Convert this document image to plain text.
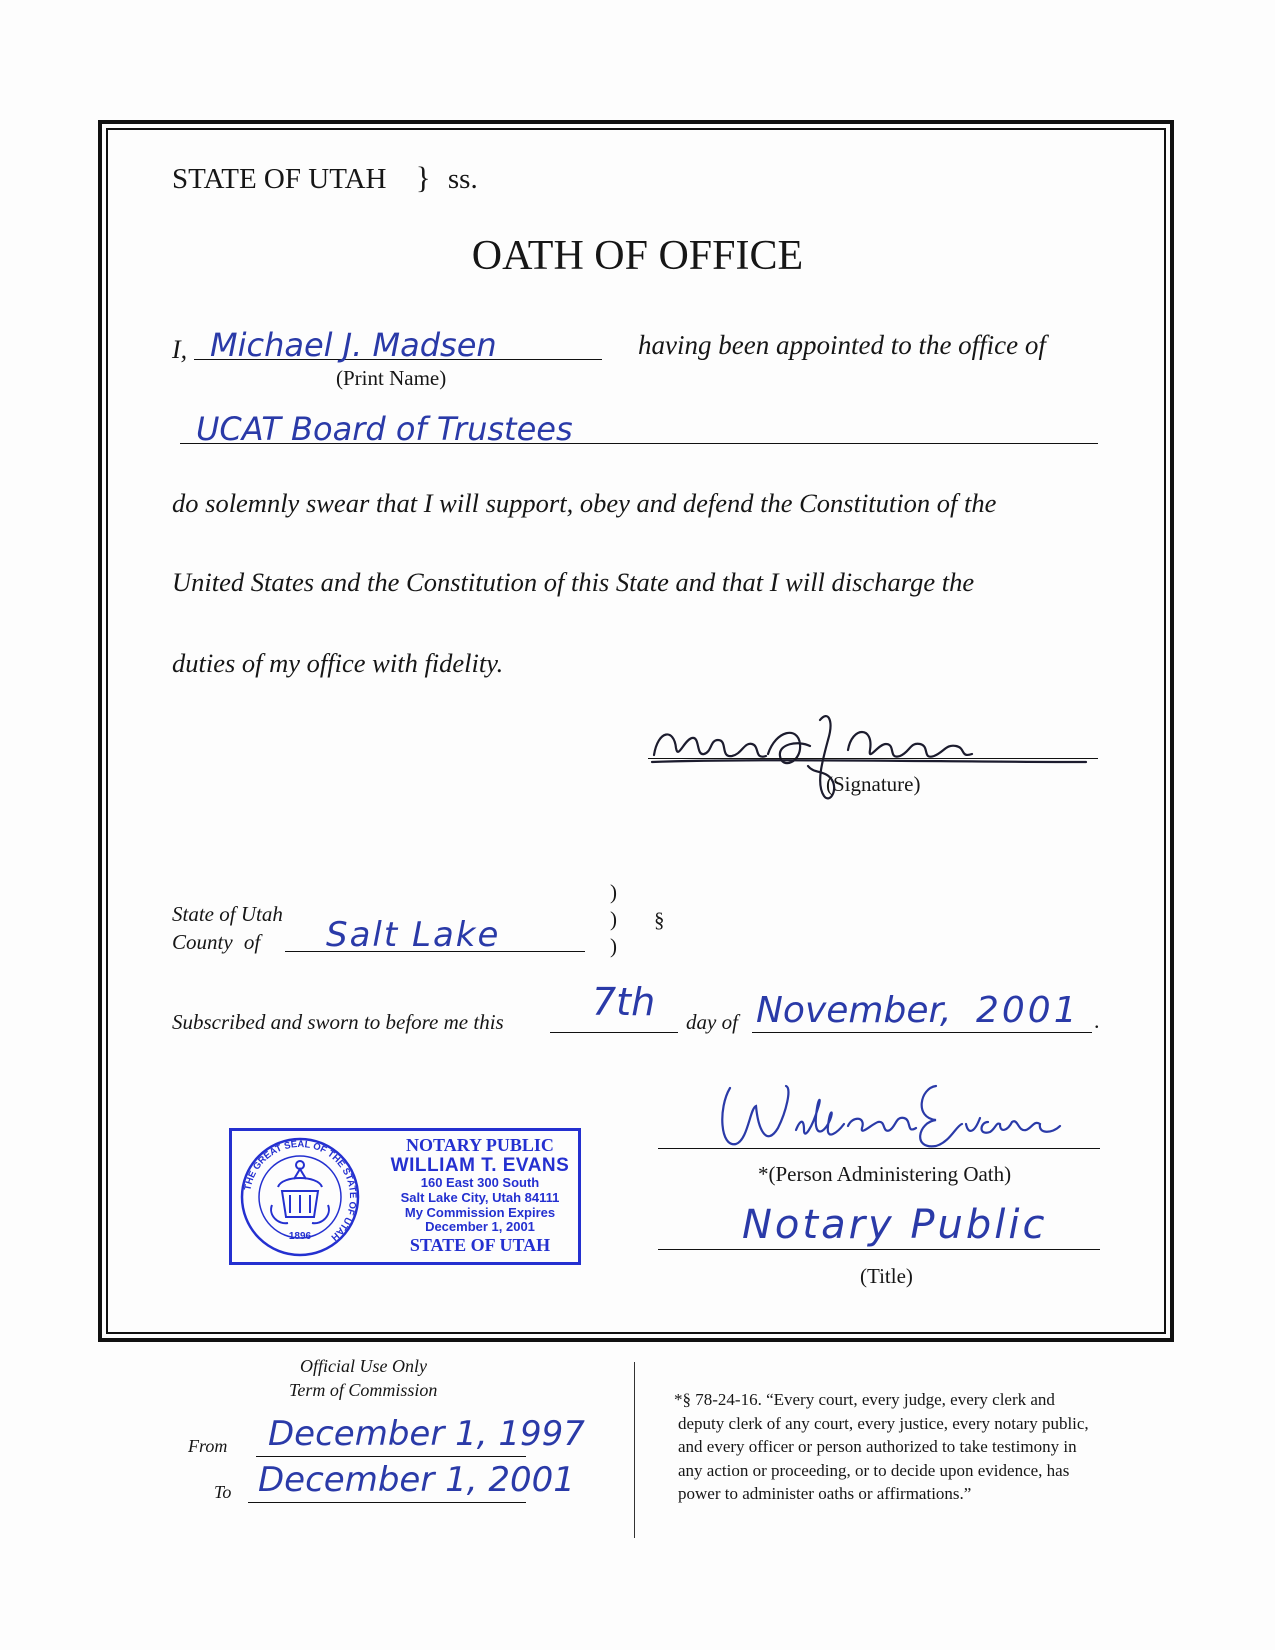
STATE OF UTAH } ss.
OATH OF OFFICE
I, Michael J. Madsen
(Print Name)
having been appointed to the office of
UCAT Board of Trustees
do solemnly swear that I will support, obey and defend the Constitution of the
United States and the Constitution of this State and that I will discharge the
duties of my office with fidelity.
(Signature)
State of Utah
County of Salt Lake
)
)
)
§
Subscribed and sworn to before me this 7th day of November, 2001 .
THE GREAT SEAL OF THE STATE OF UTAH
1896
NOTARY PUBLIC
WILLIAM T. EVANS
160 East 300 South
Salt Lake City, Utah 84111
My Commission Expires
December 1, 2001
STATE OF UTAH
*(Person Administering Oath)
Notary Public
(Title)
Official Use Only
Term of Commission
From December 1, 1997
To December 1, 2001
*§ 78-24-16. “Every court, every judge, every clerk and
deputy clerk of any court, every justice, every notary public,
and every officer or person authorized to take testimony in
any action or proceeding, or to decide upon evidence, has
power to administer oaths or affirmations.”
